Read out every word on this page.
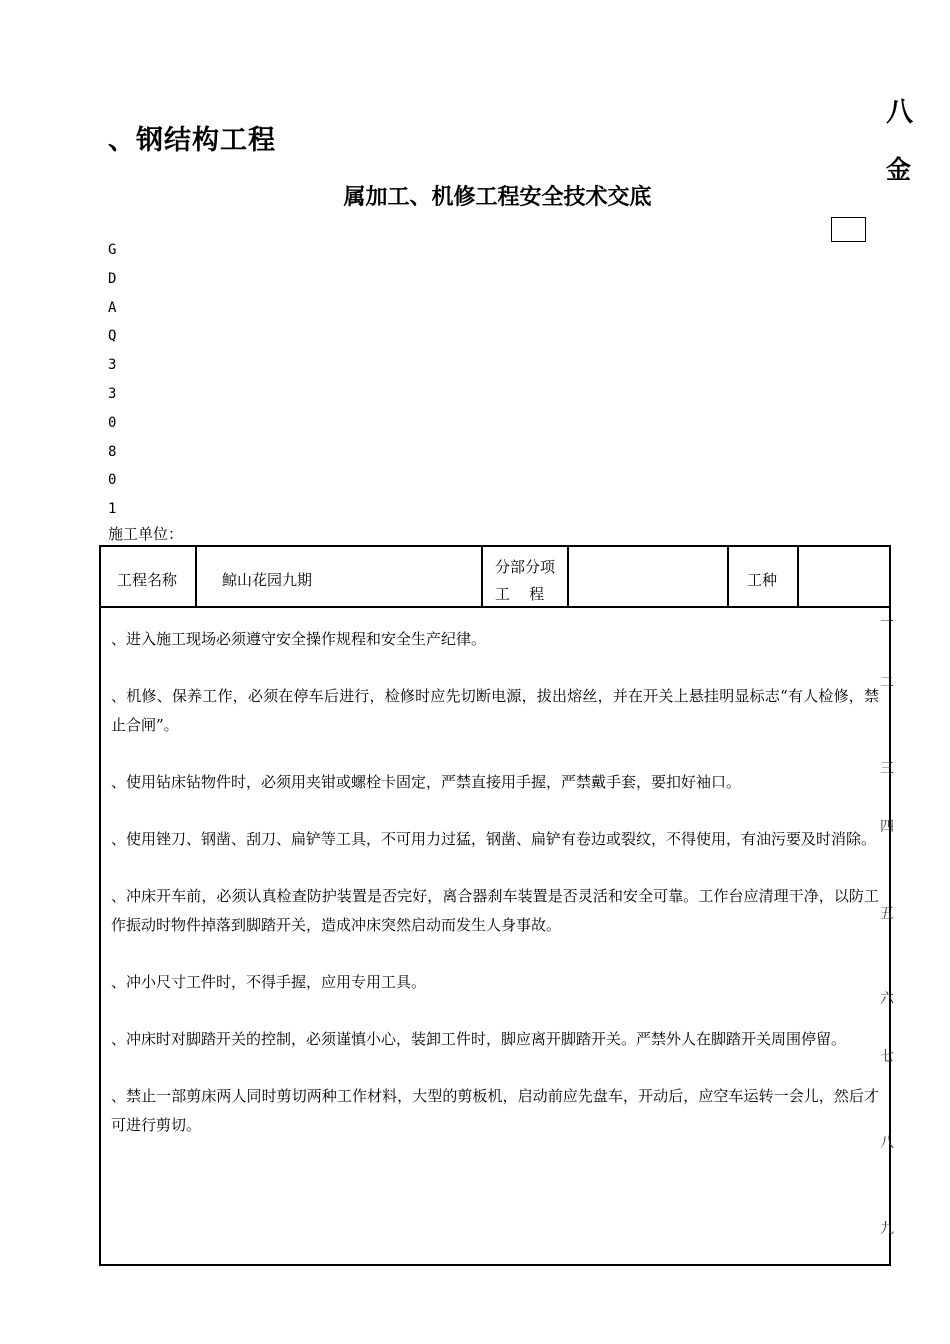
、钢结构工程
八
金
属加工、机修工程安全技术交底
G
D
A
Q
3
3
0
8
0
1
施工单位：
工程名称	鲸山花园九期
分部分项
工    程
工种

、进入施工现场必须遵守安全操作规程和安全生产纪律。

、机修、保养工作，必须在停车后进行，检修时应先切断电源，拔出熔丝，并在开关上悬挂明显标志“有人检修，禁止合闸”。

、使用钻床钻物件时，必须用夹钳或螺栓卡固定，严禁直接用手握，严禁戴手套，要扣好袖口。

、使用锉刀、钢凿、刮刀、扁铲等工具，不可用力过猛，钢凿、扁铲有卷边或裂纹，不得使用，有油污要及时消除。

、冲床开车前，必须认真检查防护装置是否完好，离合器刹车装置是否灵活和安全可靠。工作台应清理干净，以防工作振动时物件掉落到脚踏开关，造成冲床突然启动而发生人身事故。

、冲小尺寸工件时，不得手握，应用专用工具。

、冲床时对脚踏开关的控制，必须谨慎小心，装卸工件时，脚应离开脚踏开关。严禁外人在脚踏开关周围停留。

、禁止一部剪床两人同时剪切两种工作材料，大型的剪板机，启动前应先盘车，开动后，应空车运转一会儿，然后才可进行剪切。

一
二
三
四
五
六
七
八
九
